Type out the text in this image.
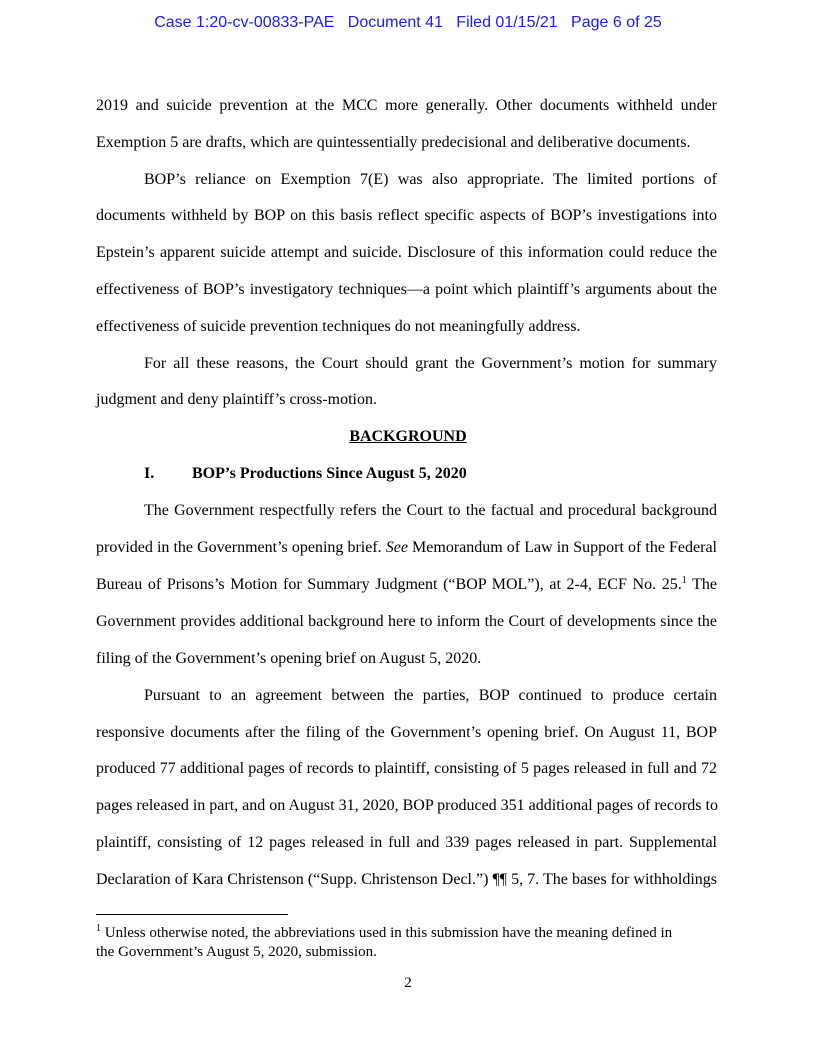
Case 1:20-cv-00833-PAE   Document 41   Filed 01/15/21   Page 6 of 25
2019 and suicide prevention at the MCC more generally. Other documents withheld under
Exemption 5 are drafts, which are quintessentially predecisional and deliberative documents.
BOP’s reliance on Exemption 7(E) was also appropriate. The limited portions of
documents withheld by BOP on this basis reflect specific aspects of BOP’s investigations into
Epstein’s apparent suicide attempt and suicide. Disclosure of this information could reduce the
effectiveness of BOP’s investigatory techniques—a point which plaintiff’s arguments about the
effectiveness of suicide prevention techniques do not meaningfully address.
For all these reasons, the Court should grant the Government’s motion for summary
judgment and deny plaintiff’s cross-motion.
BACKGROUND
I. BOP’s Productions Since August 5, 2020
The Government respectfully refers the Court to the factual and procedural background
provided in the Government’s opening brief. See Memorandum of Law in Support of the Federal
Bureau of Prisons’s Motion for Summary Judgment (“BOP MOL”), at 2-4, ECF No. 25.$^1$ The
Government provides additional background here to inform the Court of developments since the
filing of the Government’s opening brief on August 5, 2020.
Pursuant to an agreement between the parties, BOP continued to produce certain
responsive documents after the filing of the Government’s opening brief. On August 11, BOP
produced 77 additional pages of records to plaintiff, consisting of 5 pages released in full and 72
pages released in part, and on August 31, 2020, BOP produced 351 additional pages of records to
plaintiff, consisting of 12 pages released in full and 339 pages released in part. Supplemental
Declaration of Kara Christenson (“Supp. Christenson Decl.”) ¶¶ 5, 7. The bases for withholdings
$^1$ Unless otherwise noted, the abbreviations used in this submission have the meaning defined in
the Government’s August 5, 2020, submission.
2
